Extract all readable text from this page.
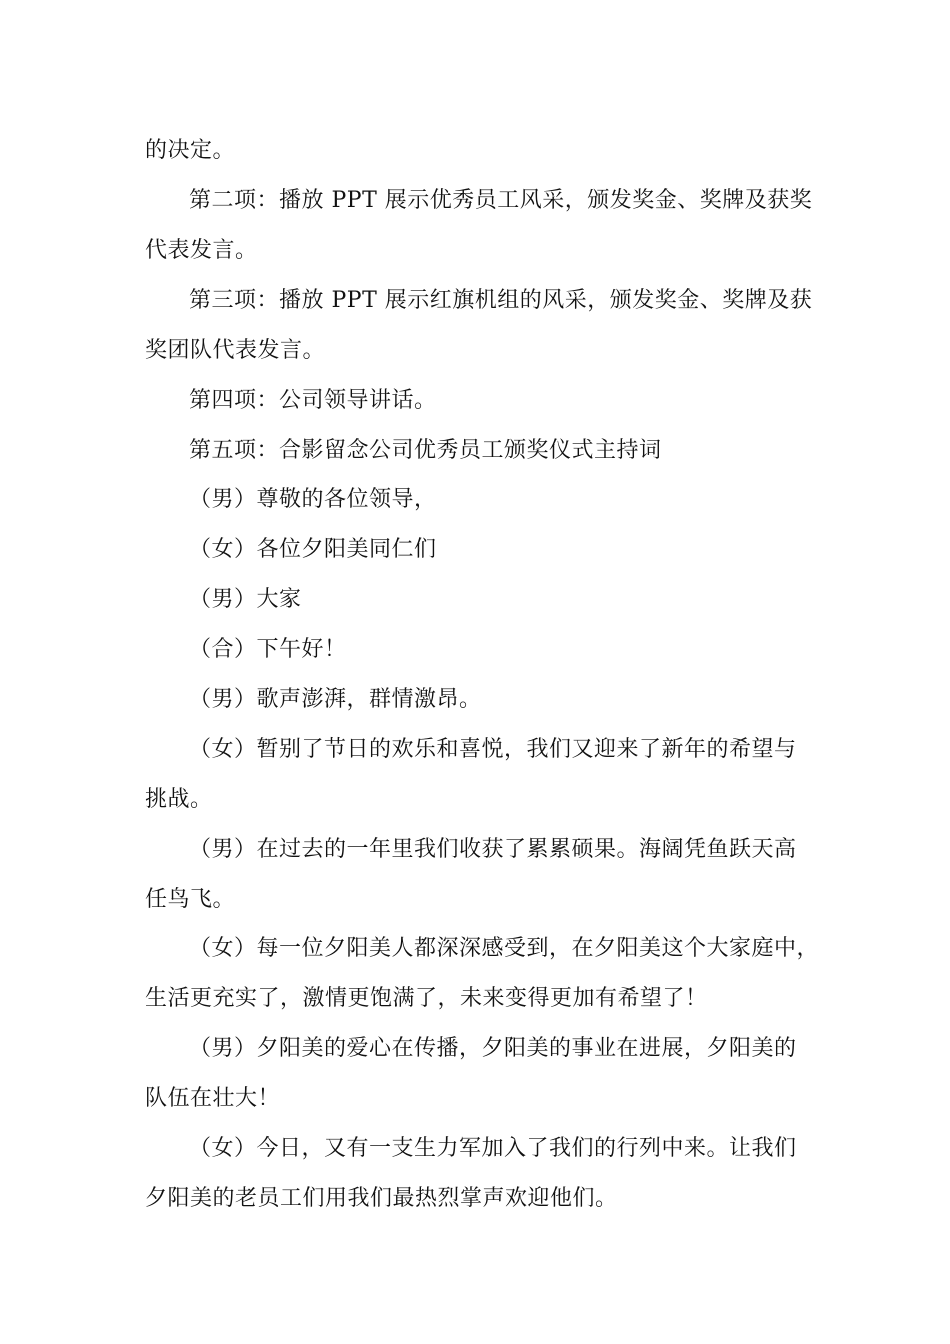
的决定。
第二项：播放 PPT 展示优秀员工风采，颁发奖金、奖牌及获奖
代表发言。
第三项：播放 PPT 展示红旗机组的风采，颁发奖金、奖牌及获
奖团队代表发言。
第四项：公司领导讲话。
第五项：合影留念公司优秀员工颁奖仪式主持词
（男）尊敬的各位领导，
（女）各位夕阳美同仁们
（男）大家
（合）下午好！
（男）歌声澎湃，群情激昂。
（女）暂别了节日的欢乐和喜悦，我们又迎来了新年的希望与
挑战。
（男）在过去的一年里我们收获了累累硕果。海阔凭鱼跃天高
任鸟飞。
（女）每一位夕阳美人都深深感受到，在夕阳美这个大家庭中，
生活更充实了，激情更饱满了，未来变得更加有希望了！
（男）夕阳美的爱心在传播，夕阳美的事业在进展，夕阳美的
队伍在壮大！
（女）今日，又有一支生力军加入了我们的行列中来。让我们
夕阳美的老员工们用我们最热烈掌声欢迎他们。
